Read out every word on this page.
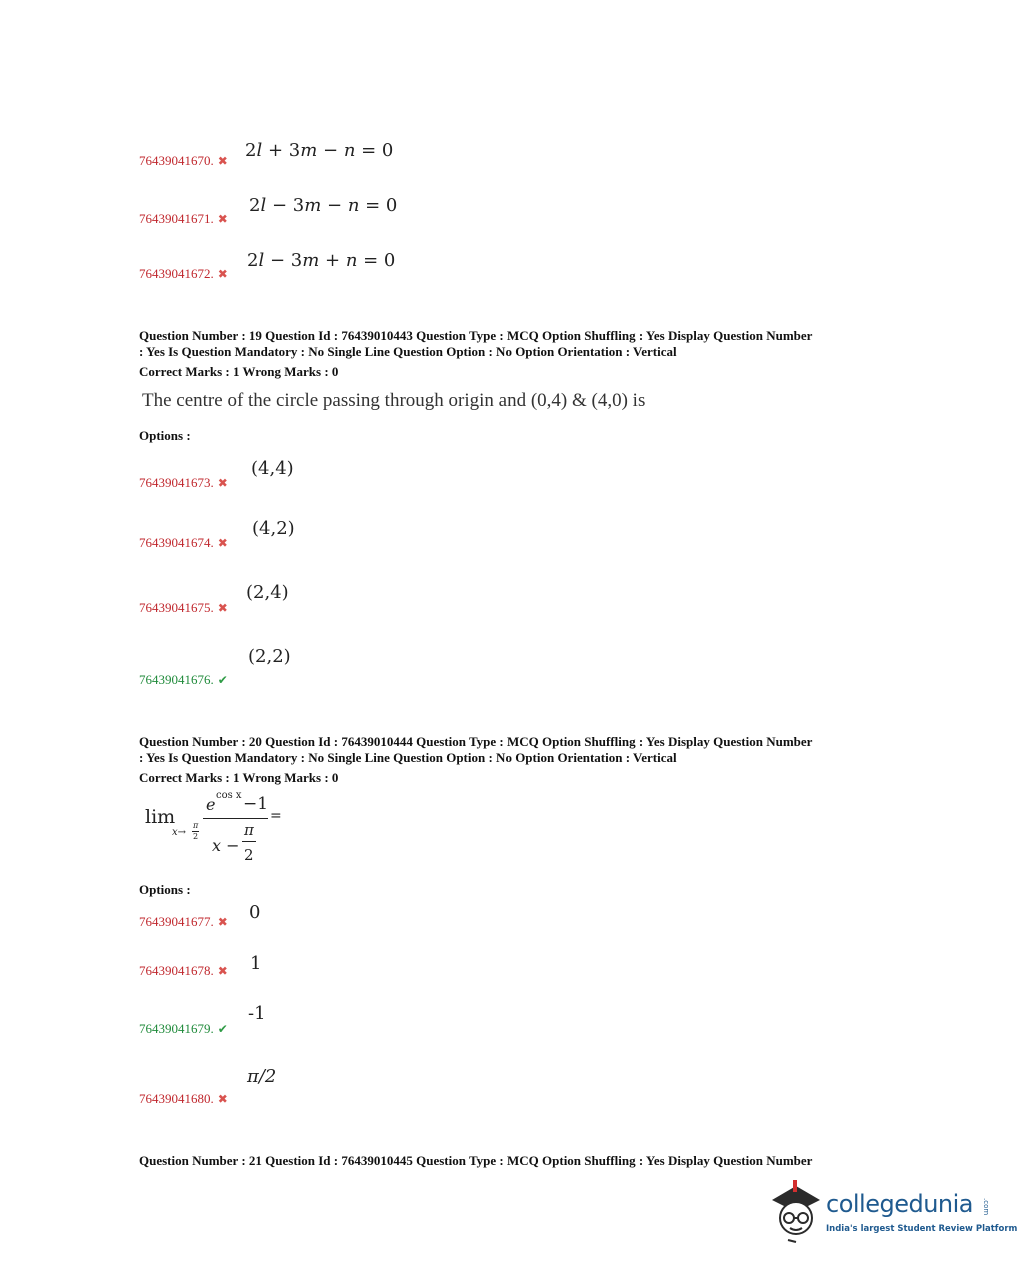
76439041670. ✖ 2l + 3m − n = 0
76439041671. ✖
2l − 3m − n = 0
76439041672. ✖
2l − 3m + n = 0
Question Number : 19 Question Id : 76439010443 Question Type : MCQ Option Shuffling : Yes Display Question Number
: Yes Is Question Mandatory : No Single Line Question Option : No Option Orientation : Vertical
Correct Marks : 1 Wrong Marks : 0
The centre of the circle passing through origin and (0,4) & (4,0) is
Options :
76439041673. ✖
(4,4)
76439041674. ✖
(4,2)
76439041675. ✖
(2,4)
76439041676. ✔
(2,2)
Question Number : 20 Question Id : 76439010444 Question Type : MCQ Option Shuffling : Yes Display Question Number
: Yes Is Question Mandatory : No Single Line Question Option : No Option Orientation : Vertical
Correct Marks : 1 Wrong Marks : 0
lim
x→
π
2
e cos x −1
=
x −
π
2
Options :
76439041677. ✖ 0
76439041678. ✖ 1
76439041679. ✔
-1
76439041680. ✖
π/2
Question Number : 21 Question Id : 76439010445 Question Type : MCQ Option Shuffling : Yes Display Question Number
collegedunia .com
India's largest Student Review Platform
